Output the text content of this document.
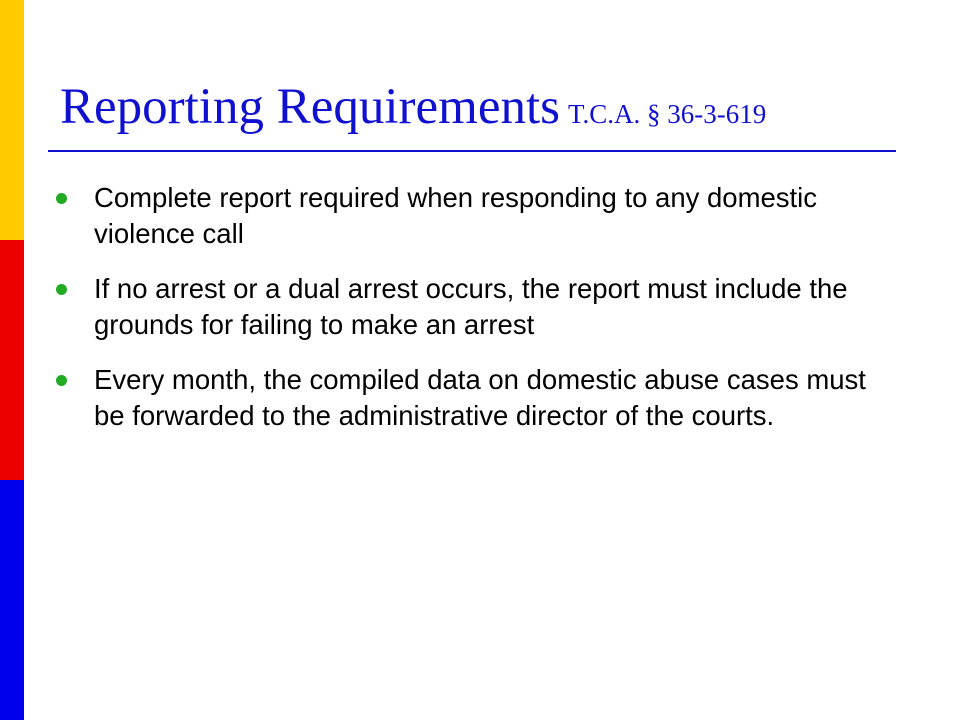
Reporting Requirements T.C.A. § 36-3-619
Complete report required when responding to any domestic violence call
If no arrest or a dual arrest occurs, the report must include the grounds for failing to make an arrest
Every month, the compiled data on domestic abuse cases must be forwarded to the administrative director of the courts.
